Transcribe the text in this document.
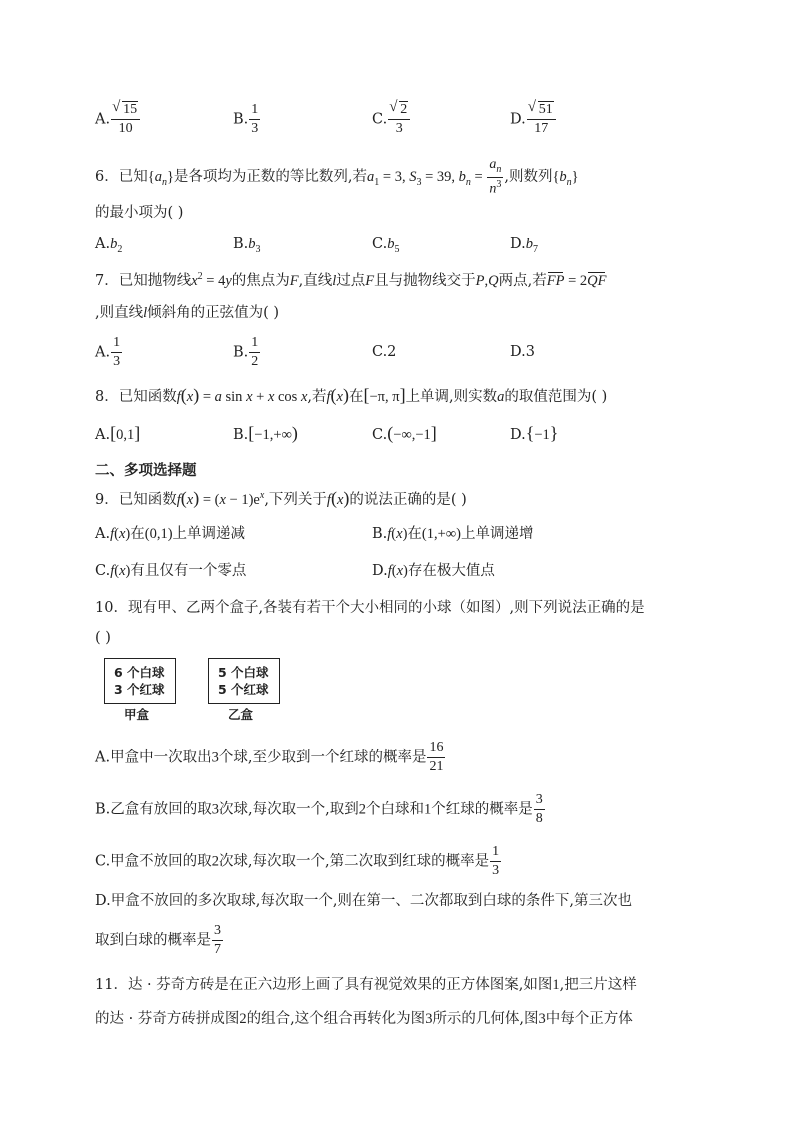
A. √ $\frac{15}{10}$	B. $\frac{1}{3}$	C. √ $\frac{2}{3}$	D. √ $\frac{51}{17}$
6．已知$\{a_n\}$是各项均为正数的等比数列,若$a_1 = 3$, $S_3 = 39$, $b_n = \frac{a_n}{n^3}$ ,则数列$\{b_n\}$
的最小项为( )
$A.b_2$	$B.b_3$	$C.b_5$	$D.b_7$
7．已知抛物线$x^2 = 4y$的焦点为F,直线l过点F且与抛物线交于P,Q两点,若FP = 2QF
,则直线l倾斜角的正弦值为( )
A. $\frac{1}{3}$	B. $\frac{1}{2}$	C.2	D.3
8．已知函数f(x) = a sin x + x cos x,若f(x)在[−π, π]上单调,则实数a的取值范围为( )
A.[0,1]	B.[−1,+∞)	C.(−∞,−1]	D.{−1}
二、多项选择题
9．已知函数$f(x) = (x - 1)e^x$,下列关于f(x)的说法正确的是( )
A.f(x)在(0,1)上单调递减	B.f(x)在(1,+∞)上单调递增
C.f(x)有且仅有一个零点	D.f(x)存在极大值点
10．现有甲、乙两个盒子,各装有若干个大小相同的小球（如图）,则下列说法正确的是
( )
6 个白球
3 个红球
甲盒
5 个白球
5 个红球
乙盒
A.甲盒中一次取出3个球,至少取到一个红球的概率是 $\frac{16}{21}$
B.乙盒有放回的取3次球,每次取一个,取到2个白球和1个红球的概率是 $\frac{3}{8}$
C.甲盒不放回的取2次球,每次取一个,第二次取到红球的概率是 $\frac{1}{3}$
D.甲盒不放回的多次取球,每次取一个,则在第一、二次都取到白球的条件下,第三次也
取到白球的概率是 $\frac{3}{7}$
11．达 · 芬奇方砖是在正六边形上画了具有视觉效果的正方体图案,如图1,把三片这样
的达 · 芬奇方砖拼成图2的组合,这个组合再转化为图3所示的几何体,图3中每个正方体
